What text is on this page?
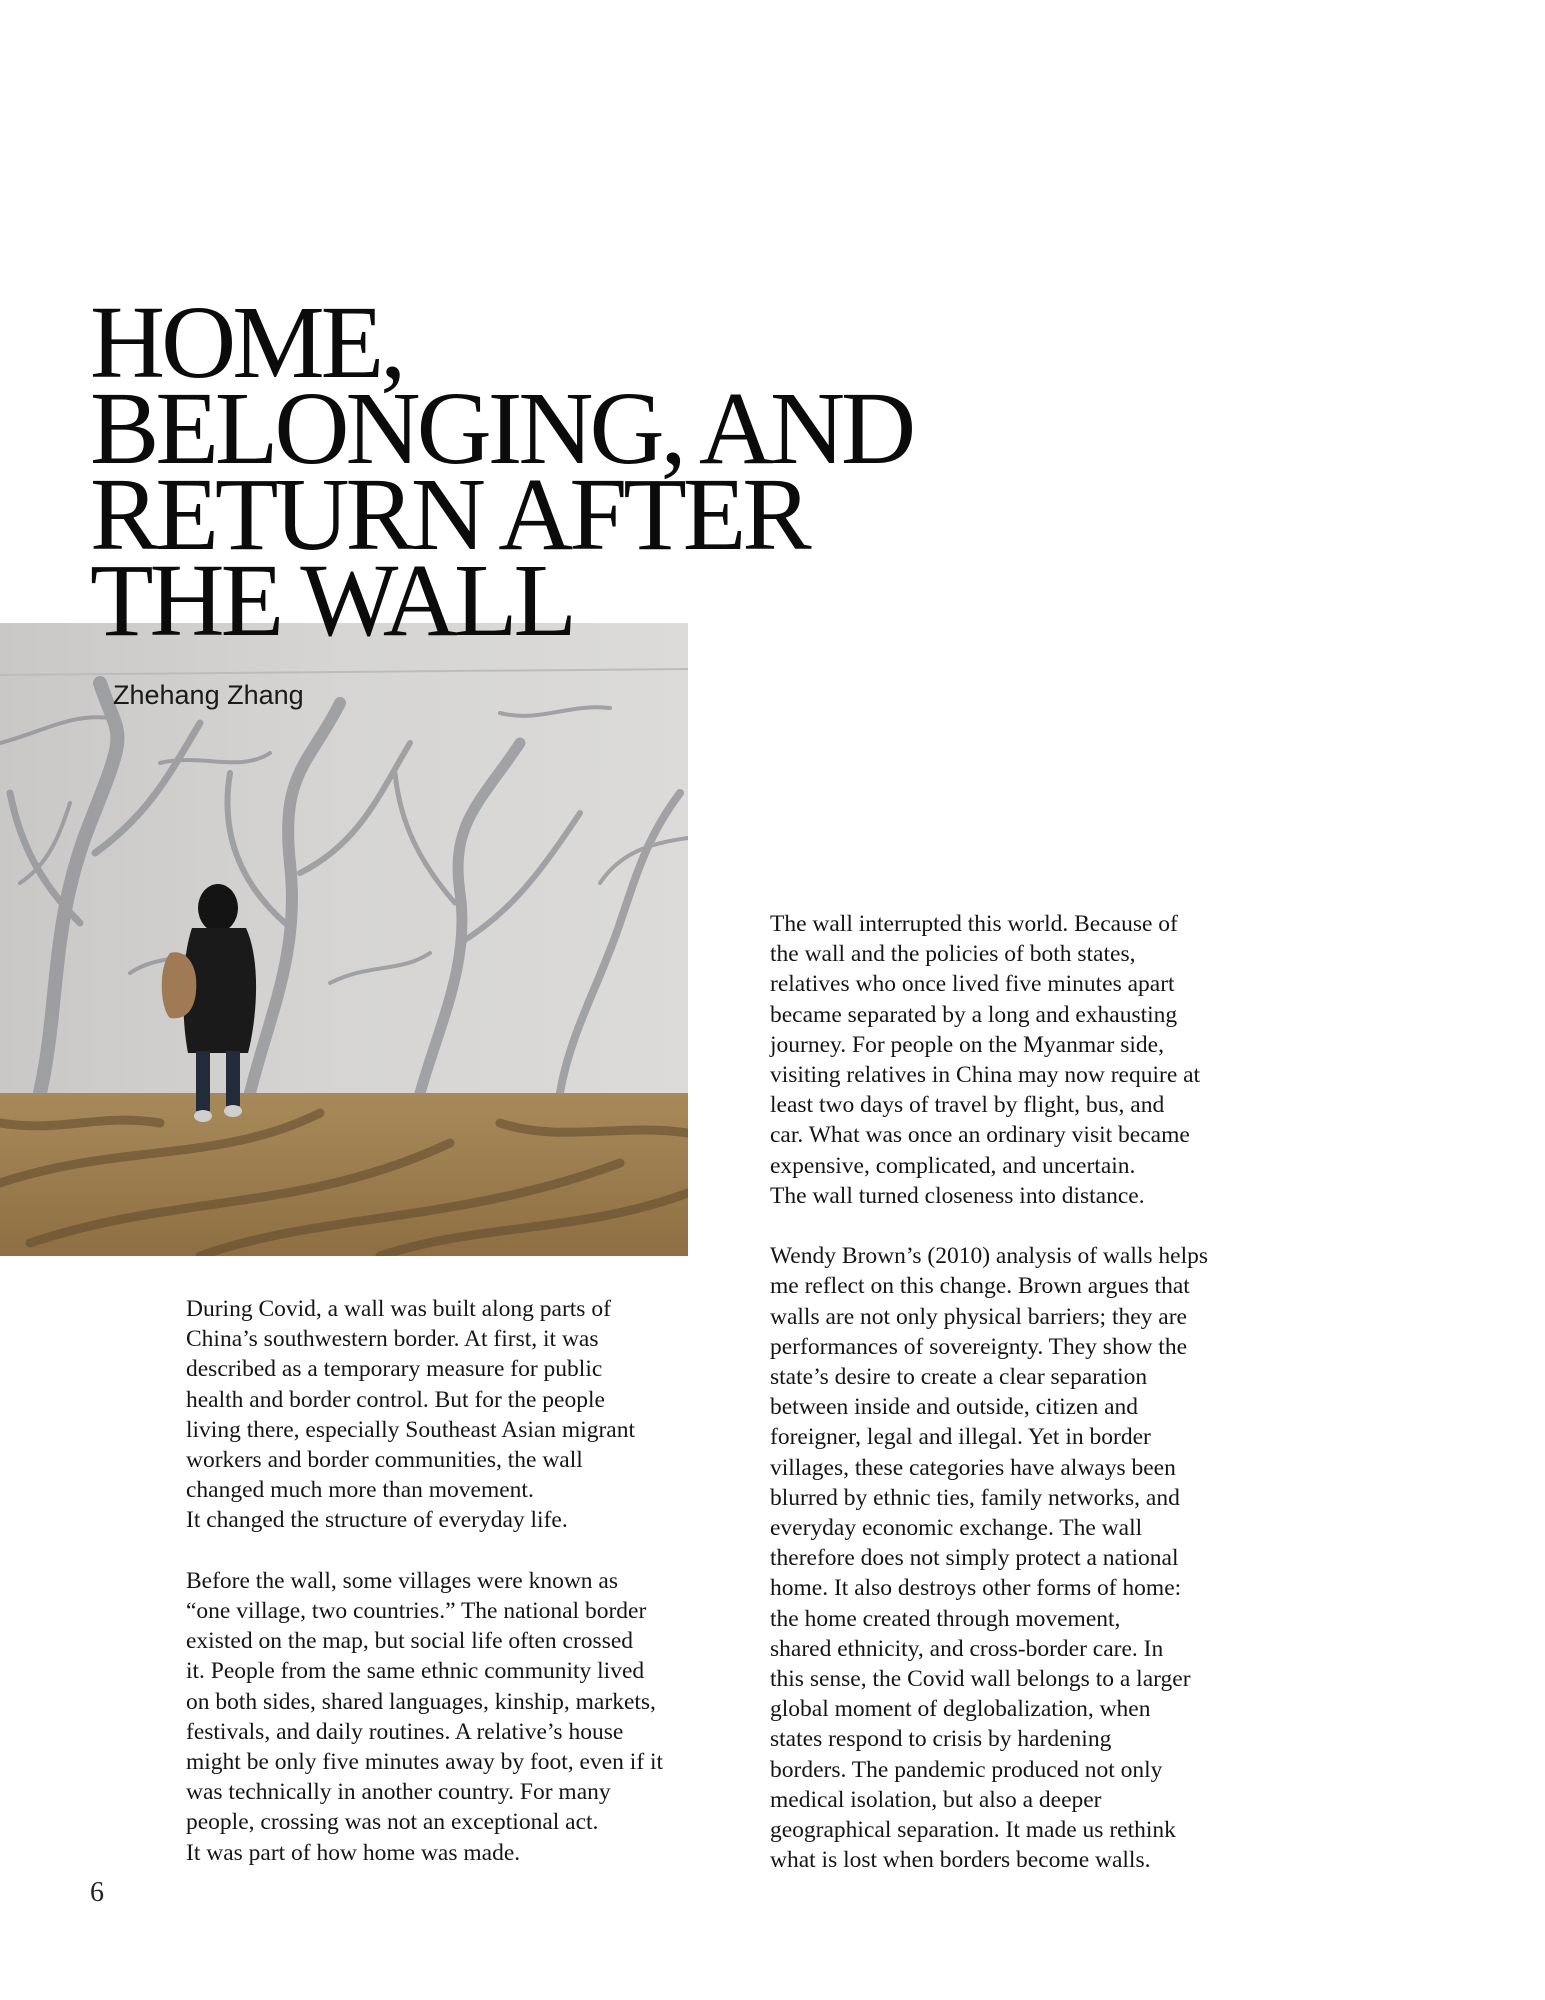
HOME,
BELONGING, AND
RETURN AFTER
THE WALL
Zhehang Zhang

During Covid, a wall was built along parts of
China’s southwestern border. At first, it was
described as a temporary measure for public
health and border control. But for the people
living there, especially Southeast Asian migrant
workers and border communities, the wall
changed much more than movement.
It changed the structure of everyday life.

Before the wall, some villages were known as
“one village, two countries.” The national border
existed on the map, but social life often crossed
it. People from the same ethnic community lived
on both sides, shared languages, kinship, markets,
festivals, and daily routines. A relative’s house
might be only five minutes away by foot, even if it
was technically in another country. For many
people, crossing was not an exceptional act.
It was part of how home was made.

The wall interrupted this world. Because of
the wall and the policies of both states,
relatives who once lived five minutes apart
became separated by a long and exhausting
journey. For people on the Myanmar side,
visiting relatives in China may now require at
least two days of travel by flight, bus, and
car. What was once an ordinary visit became
expensive, complicated, and uncertain.
The wall turned closeness into distance.

Wendy Brown’s (2010) analysis of walls helps
me reflect on this change. Brown argues that
walls are not only physical barriers; they are
performances of sovereignty. They show the
state’s desire to create a clear separation
between inside and outside, citizen and
foreigner, legal and illegal. Yet in border
villages, these categories have always been
blurred by ethnic ties, family networks, and
everyday economic exchange. The wall
therefore does not simply protect a national
home. It also destroys other forms of home:
the home created through movement,
shared ethnicity, and cross-border care. In
this sense, the Covid wall belongs to a larger
global moment of deglobalization, when
states respond to crisis by hardening
borders. The pandemic produced not only
medical isolation, but also a deeper
geographical separation. It made us rethink
what is lost when borders become walls.

6
